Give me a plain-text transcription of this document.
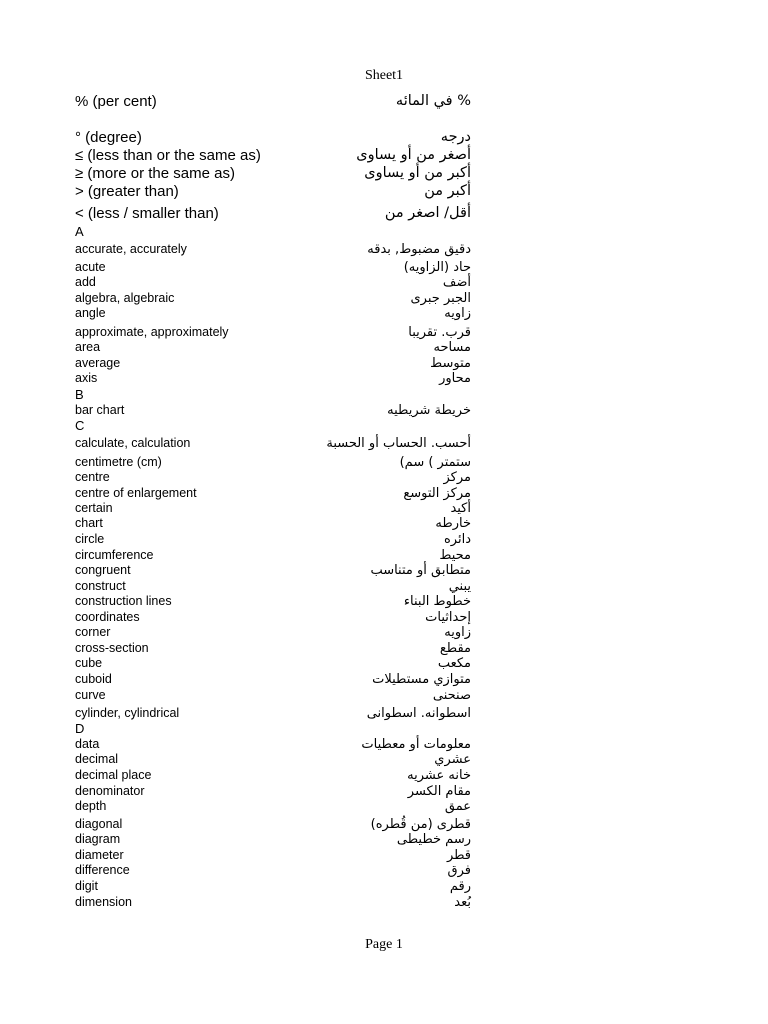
Sheet1
% (per cent)	% في المائه
° (degree)	درجه
≤ (less than or the same as)	أصغر من أو يساوى
≥ (more or the same as)	أكبر من أو يساوى
> (greater than)	أكبر من
< (less / smaller than)	أقل/ اصغر من
A
accurate, accurately	دقيق مضبوط, بدقه
acute	حاد (الزاويه)
add	أضف
algebra, algebraic	الجبر جبرى
angle	زاويه
approximate, approximately	قرب. تقريبا
area	مساحه
average	متوسط
axis	محاور
B
bar chart	خريطة شريطيه
C
calculate, calculation	أحسب. الحساب أو الحسبة
centimetre (cm)	ستمتر ) سم)
centre	مركز
centre of enlargement	مركز التوسع
certain	أكيد
chart	خارطه
circle	دائره
circumference	محيط
congruent	متطابق أو متناسب
construct	يبني
construction lines	خطوط البناء
coordinates	إحداثيات
corner	زاويه
cross-section	مقطع
cube	مكعب
cuboid	متوازي مستطيلات
curve	صنحنى
cylinder, cylindrical	اسطوانه. اسطوانى
D
data	معلومات أو معطيات
decimal	عشري
decimal place	خانه عشريه
denominator	مقام الكسر
depth	عمق
diagonal	قطرى (من قُطره)
diagram	رسم خطيطى
diameter	قطر
difference	فرق
digit	رقم
dimension	بُعد
Page 1
